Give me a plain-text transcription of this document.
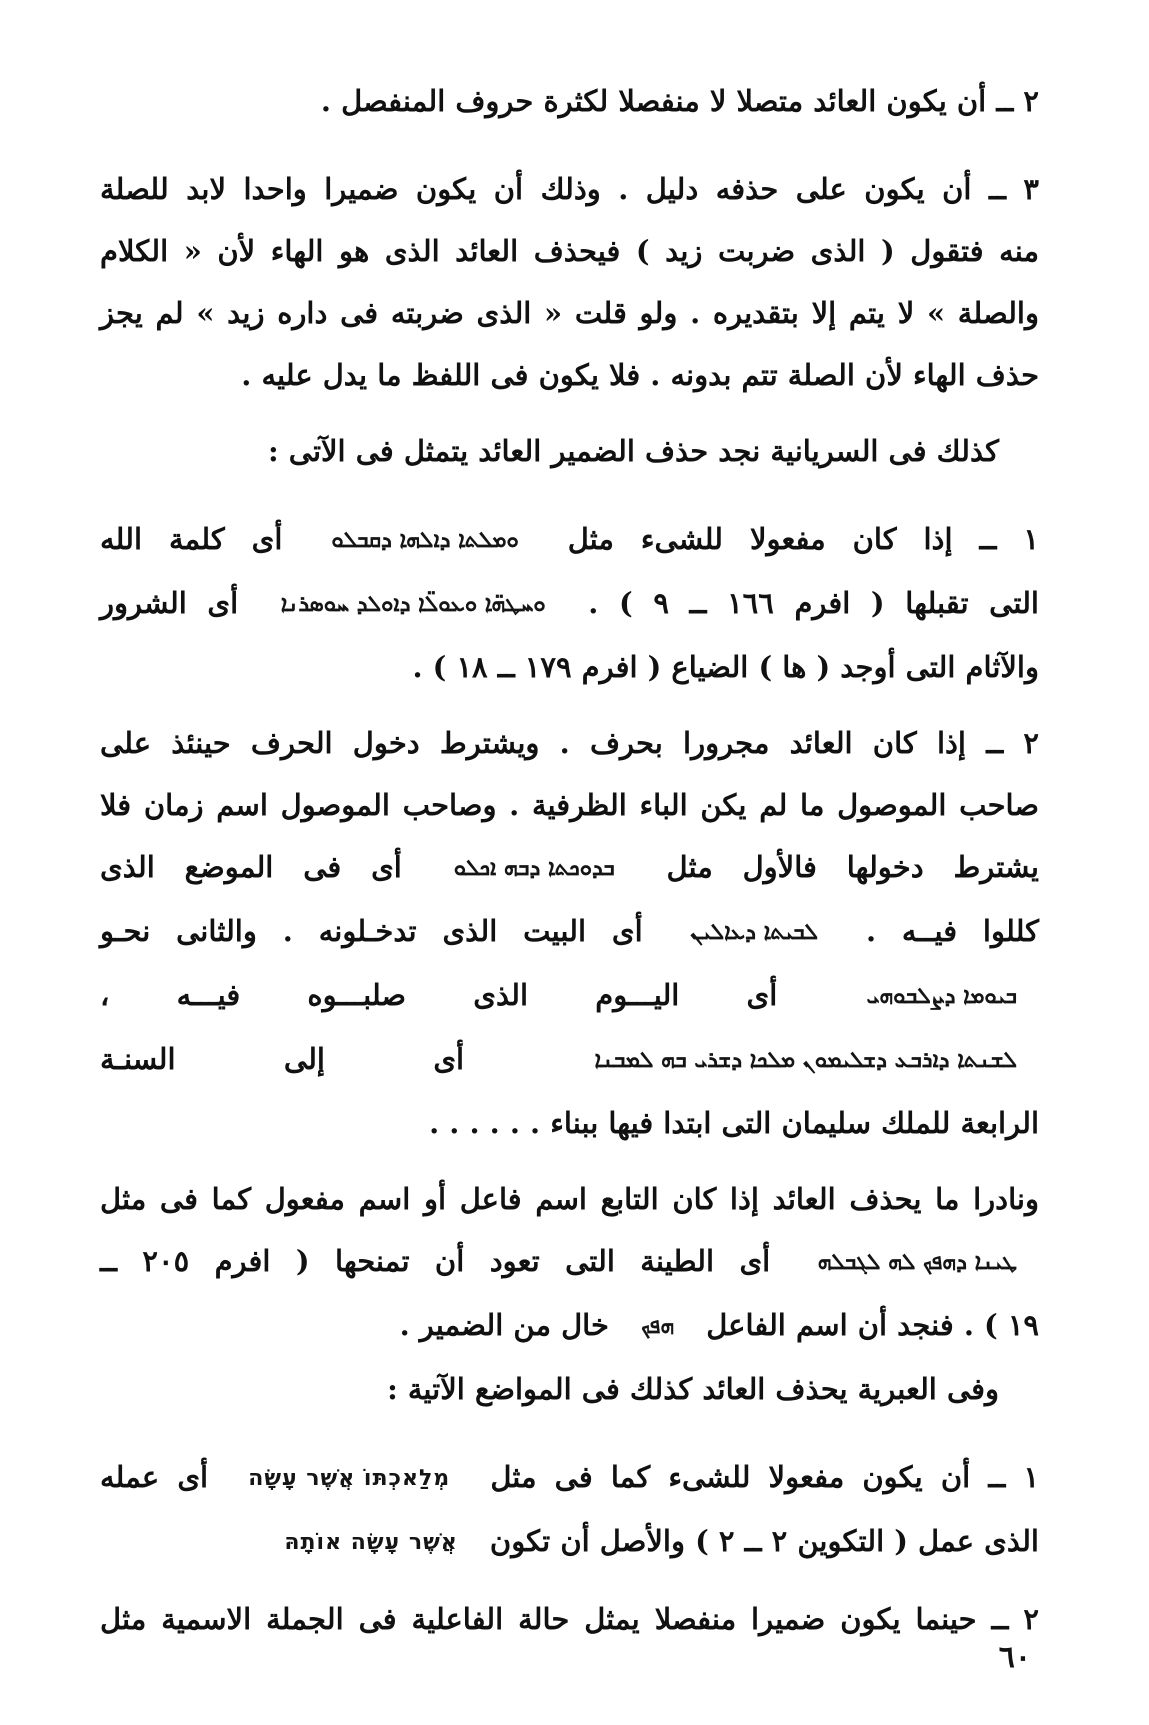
٢ ــ أن يكون العائد متصلا لا منفصلا لكثرة حروف المنفصل .

٣ ــ أن يكون على حذفه دليل . وذلك أن يكون ضميرا واحدا لابد للصلة

منه فتقول ( الذى ضربت زيد ) فيحذف العائد الذى هو الهاء لأن « الكلام

والصلة » لا يتم إلا بتقديره . ولو قلت « الذى ضربته فى داره زيد » لم يجز

حذف الهاء لأن الصلة تتم بدونه . فلا يكون فى اللفظ ما يدل عليه .

كذلك فى السريانية نجد حذف الضمير العائد يتمثل فى الآتى :

١ ــ إذا كان مفعولا للشىء مثل ܘܡܠܬܐ ܕܐܠܗܐ ܕܩܒܠܘ أى كلمة الله

التى تقبلها ( افرم ١٦٦ ــ ٩ ) . ܘܚܛܗ̈ܐ ܘܥܘܠ̈ܐ ܕܐܘܠܕ ܚܘܣܪܢܐ أى الشرور

والآثام التى أوجد ( ها ) الضياع ( افرم ١٧٩ ــ ١٨ ) .

٢ ــ إذا كان العائد مجرورا بحرف . ويشترط دخول الحرف حينئذ على

صاحب الموصول ما لم يكن الباء الظرفية . وصاحب الموصول اسم زمان فلا

يشترط دخولها فالأول مثل ܒܕܘܟܬܐ ܕܒܗ ܐܟܠܘ أى فى الموضع الذى

كللوا فيــه . ܠܒܝܬܐ ܕܥܐܠܝܢ أى البيت الذى تدخـلونه . والثانى نحـو

ܒܝܘܡܐ ܕܨܠܒܘܗܝ أى اليـــوم الذى صلبـــوه فيـــه ،

ܠܫܢܬܐ ܕܐܪܒܥ ܕܫܠܝܡܘܢ ܡܠܟܐ ܕܫܪܝ ܒܗ ܠܡܒܢܐ أى إلى السنـة

الرابعة للملك سليمان التى ابتدا فيها ببناء . . . . . .

ونادرا ما يحذف العائد إذا كان التابع اسم فاعل أو اسم مفعول كما فى مثل

ܛܝܢܐ ܕܗܦܟ ܠܗ ܠܓܒܠܗ أى الطينة التى تعود أن تمنحها ( افرم ٢٠٥ ــ

١٩ ) . فنجد أن اسم الفاعل ܗܦܟ خال من الضمير .

وفى العبرية يحذف العائد كذلك فى المواضع الآتية :

١ ــ أن يكون مفعولا للشىء كما فى مثل מְלַאכְתּוֹ אֲשֶׁר עָשָׂה أى عمله

الذى عمل ( التكوين ٢ ــ ٢ ) والأصل أن تكون אֲשֶׁר עָשָׂה אוֹתָהּ

٢ ــ حينما يكون ضميرا منفصلا يمثل حالة الفاعلية فى الجملة الاسمية مثل

٦٠
